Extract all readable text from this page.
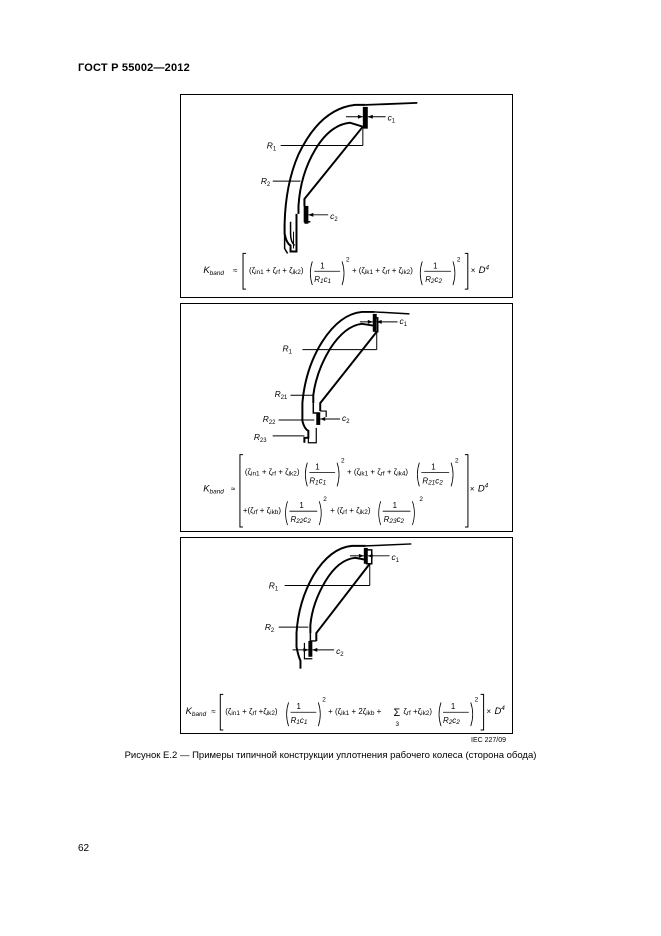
ГОСТ Р 55002—2012
$R_1$
$R_2$
$c_1$
$c_2$
$K_{band} \approx (\zeta in1 + \zeta rf + \zeta ik2)$
1
R1c1
2
+ (ζik1 + ζrf + ζik2)
1
R2c2
2
× $D^4$
$R_1$
$R_{21}$
$R_{22}$
$R_{23}$
$c_1$
$c_2$
$K_{band}$ ≈
(ζin1 + ζrf + ζik2)
1
R1c1
2
+ (ζik1 + ζrf + ζik4)
1
R21c2
2
+(ζrf + ζikb)
1
R22c2
2
+ (ζrf + ζik2)
1
R23c2
2
× $D^4$
$R_1$
$R_2$
$c_1$
$c_2$
$K_{band} \approx (\zeta in1 + \zeta rf +\zeta ik2)$
1
R1c1
2
+ (ζik1 + 2ζikb + Σ
3
ζrf +ζik2)
1
R2c2
2
× $D^4$
IEC 227/09
Рисунок Е.2 — Примеры типичной конструкции уплотнения рабочего колеса (сторона обода)
62
